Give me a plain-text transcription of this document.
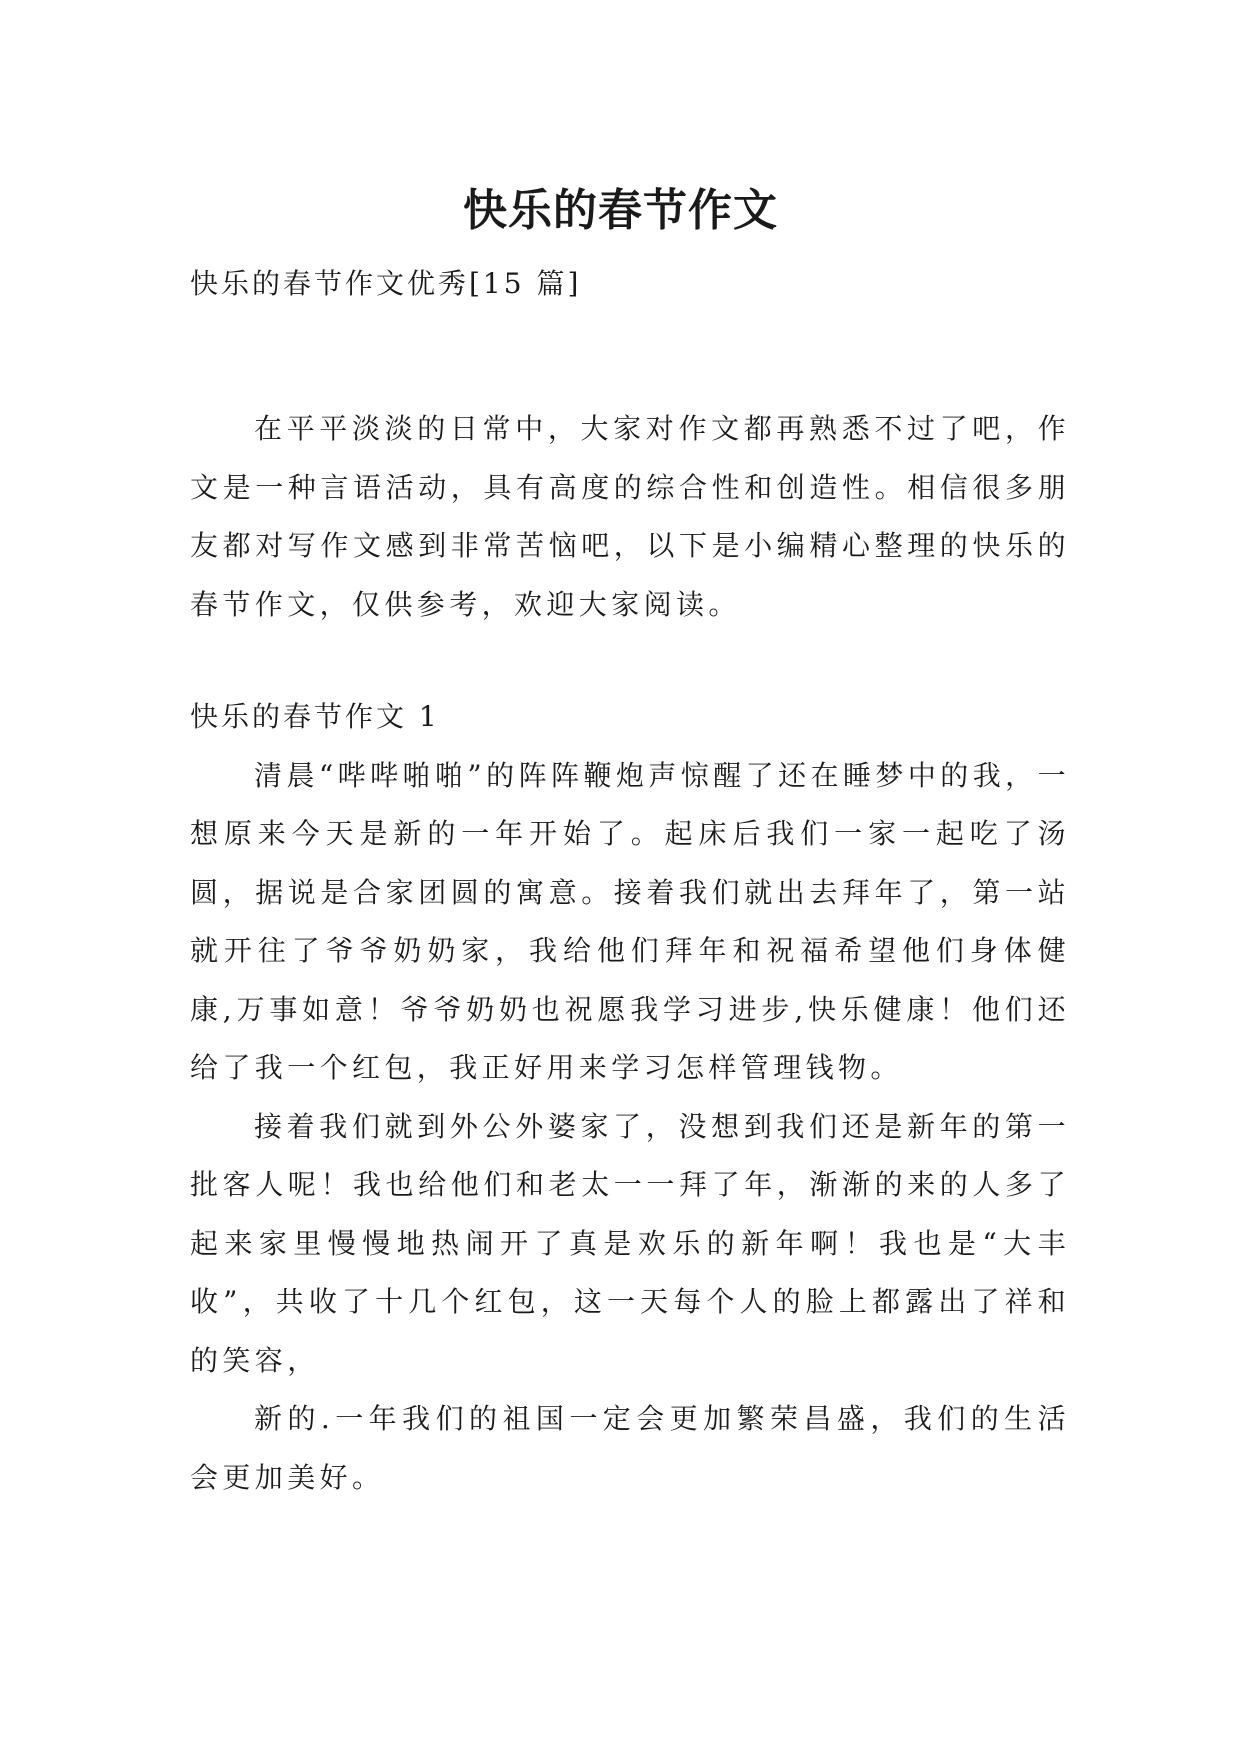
快乐的春节作文
快乐的春节作文优秀[15 篇]

在平平淡淡的日常中，大家对作文都再熟悉不过了吧，作文是一种言语活动，具有高度的综合性和创造性。相信很多朋友都对写作文感到非常苦恼吧，以下是小编精心整理的快乐的春节作文，仅供参考，欢迎大家阅读。

快乐的春节作文 1

清晨“哔哔啪啪”的阵阵鞭炮声惊醒了还在睡梦中的我，一想原来今天是新的一年开始了。起床后我们一家一起吃了汤圆，据说是合家团圆的寓意。接着我们就出去拜年了，第一站就开往了爷爷奶奶家，我给他们拜年和祝福希望他们身体健康,万事如意！爷爷奶奶也祝愿我学习进步,快乐健康！他们还给了我一个红包，我正好用来学习怎样管理钱物。

接着我们就到外公外婆家了，没想到我们还是新年的第一批客人呢！我也给他们和老太一一拜了年，渐渐的来的人多了起来家里慢慢地热闹开了真是欢乐的新年啊！我也是“大丰收”，共收了十几个红包，这一天每个人的脸上都露出了祥和的笑容，

新的.一年我们的祖国一定会更加繁荣昌盛，我们的生活会更加美好。
